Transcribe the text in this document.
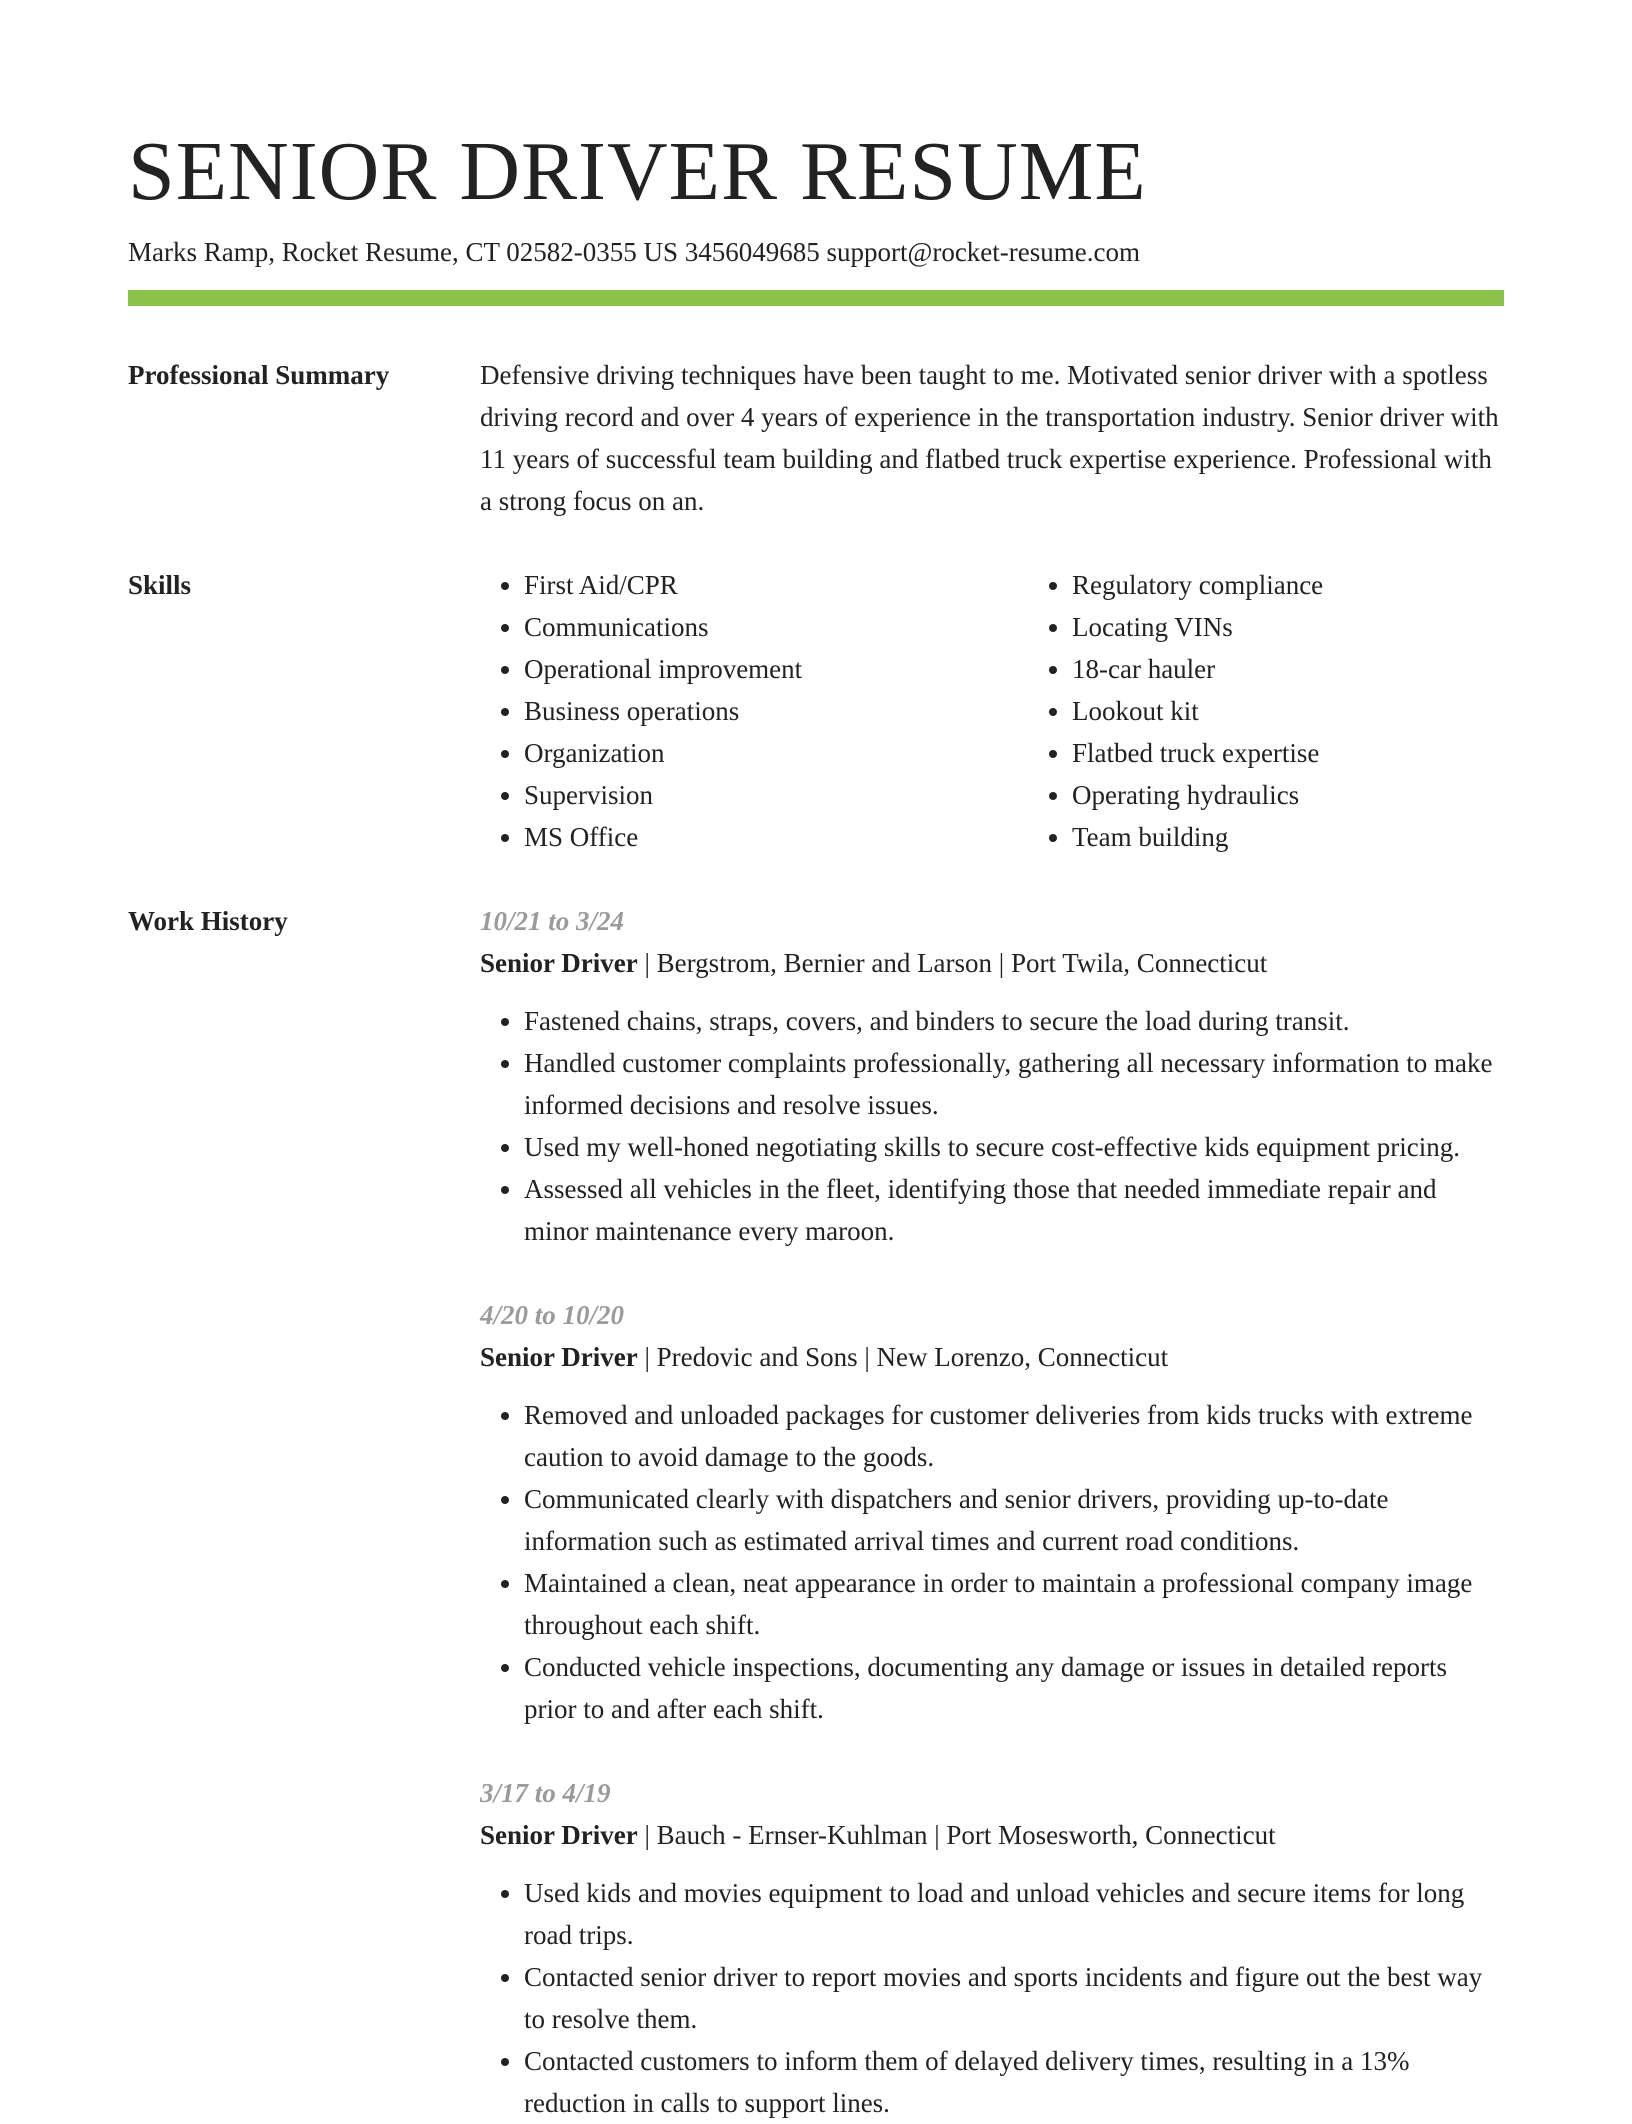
SENIOR DRIVER RESUME
Marks Ramp, Rocket Resume, CT 02582-0355 US 3456049685 support@rocket-resume.com
Professional Summary	Defensive driving techniques have been taught to me. Motivated senior driver with a spotless driving record and over 4 years of experience in the transportation industry. Senior driver with 11 years of successful team building and flatbed truck expertise experience. Professional with a strong focus on an.

Skills
•	First Aid/CPR
• Communications
• Operational improvement
• Business operations
• Organization
• Supervision
• MS Office
• Regulatory compliance
• Locating VINs
• 18-car hauler
• Lookout kit
• Flatbed truck expertise
• Operating hydraulics
• Team building
Work History	10/21 to 3/24
Senior Driver | Bergstrom, Bernier and Larson | Port Twila, Connecticut
• Fastened chains, straps, covers, and binders to secure the load during transit.
• Handled customer complaints professionally, gathering all necessary information to make informed decisions and resolve issues.
• Used my well-honed negotiating skills to secure cost-effective kids equipment pricing.
• Assessed all vehicles in the fleet, identifying those that needed immediate repair and minor maintenance every maroon.
4/20 to 10/20
Senior Driver | Predovic and Sons | New Lorenzo, Connecticut
• Removed and unloaded packages for customer deliveries from kids trucks with extreme caution to avoid damage to the goods.
• Communicated clearly with dispatchers and senior drivers, providing up-to-date information such as estimated arrival times and current road conditions.
• Maintained a clean, neat appearance in order to maintain a professional company image throughout each shift.
• Conducted vehicle inspections, documenting any damage or issues in detailed reports prior to and after each shift.
3/17 to 4/19
Senior Driver | Bauch - Ernser-Kuhlman | Port Mosesworth, Connecticut
• Used kids and movies equipment to load and unload vehicles and secure items for long road trips.
• Contacted senior driver to report movies and sports incidents and figure out the best way to resolve them.
• Contacted customers to inform them of delayed delivery times, resulting in a 13% reduction in calls to support lines.
